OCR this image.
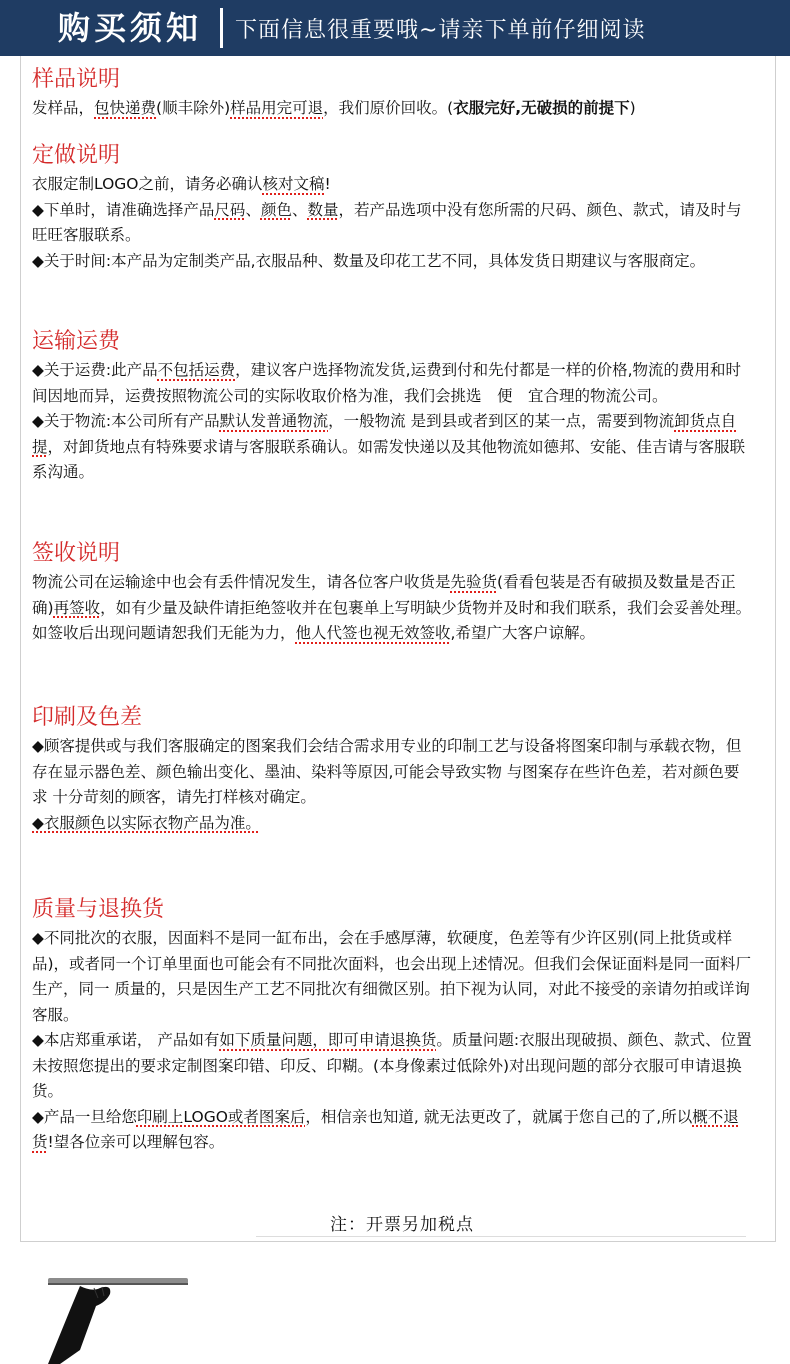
购买须知 下面信息很重要哦~请亲下单前仔细阅读
样品说明

发样品，包快递费(顺丰除外)样品用完可退，我们原价回收。(衣服完好,无破损的前提下)

定做说明

衣服定制LOGO之前，请务必确认核对文稿!

◆下单时，请准确选择产品尺码、颜色、数量，若产品选项中没有您所需的尺码、颜色、款式，请及时与旺旺客服联系。

◆关于时间:本产品为定制类产品,衣服品种、数量及印花工艺不同，具体发货日期建议与客服商定。

运输运费

◆关于运费:此产品不包括运费，建议客户选择物流发货,运费到付和先付都是一样的价格,物流的费用和时间因地而异，运费按照物流公司的实际收取价格为准，我们会挑选　便　宜合理的物流公司。

◆关于物流:本公司所有产品默认发普通物流，一般物流 是到县或者到区的某一点，需要到物流卸货点自提，对卸货地点有特殊要求请与客服联系确认。如需发快递以及其他物流如德邦、安能、佳吉请与客服联系沟通。

签收说明

物流公司在运输途中也会有丢件情况发生，请各位客户收货是先验货(看看包装是否有破损及数量是否正确)再签收，如有少量及缺件请拒绝签收并在包裹单上写明缺少货物并及时和我们联系，我们会妥善处理。如签收后出现问题请恕我们无能为力，他人代签也视无效签收,希望广大客户谅解。

印刷及色差

◆顾客提供或与我们客服确定的图案我们会结合需求用专业的印制工艺与设备将图案印制与承载衣物，但存在显示器色差、颜色输出变化、墨油、染料等原因,可能会导致实物 与图案存在些许色差，若对颜色要求 十分苛刻的顾客，请先打样核对确定。

◆衣服颜色以实际衣物产品为准。

质量与退换货

◆不同批次的衣服，因面料不是同一缸布出，会在手感厚薄，软硬度，色差等有少许区别(同上批货或样品)，或者同一个订单里面也可能会有不同批次面料，也会出现上述情况。但我们会保证面料是同一面料厂生产，同一 质量的，只是因生产工艺不同批次有细微区别。拍下视为认同，对此不接受的亲请勿拍或详询客服。

◆本店郑重承诺， 产品如有如下质量问题，即可申请退换货。质量问题:衣服出现破损、颜色、款式、位置未按照您提出的要求定制图案印错、印反、印糊。(本身像素过低除外)对出现问题的部分衣服可申请退换货。

◆产品一旦给您印刷上LOGO或者图案后，相信亲也知道, 就无法更改了，就属于您自己的了,所以概不退货!望各位亲可以理解包容。

注：开票另加税点
